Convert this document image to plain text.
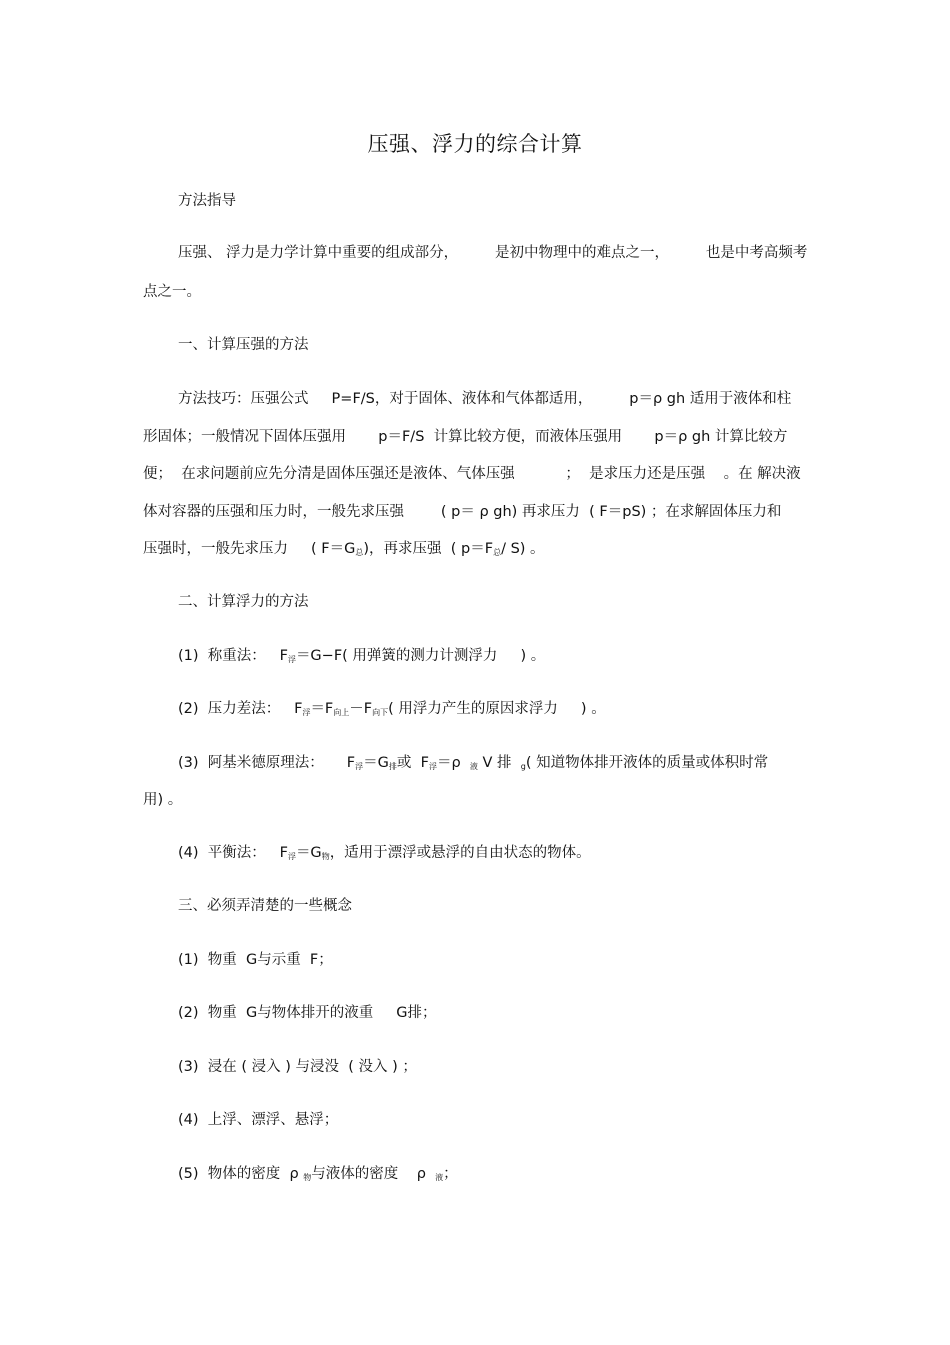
压强、浮力的综合计算
方法指导
压强、 浮力是力学计算中重要的组成部分，        是初中物理中的难点之一，        也是中考高频考
点之一。
一、计算压强的方法
方法技巧：压强公式     P=F/S，对于固体、液体和气体都适用，        p＝ρ gh 适用于液体和柱
形固体；一般情况下固体压强用       p＝F/S  计算比较方便，而液体压强用       p＝ρ gh 计算比较方
便；  在求问题前应先分清是固体压强还是液体、气体压强           ；  是求压力还是压强    。在 解决液
体对容器的压强和压力时，一般先求压强        ( p＝ ρ gh) 再求压力  ( F＝pS) ；在求解固体压力和
压强时，一般先求压力     ( $F=G_总$)，再求压强  ( $p=F_总/$ S) 。
二、计算浮力的方法
(1)  称重法：   $F_浮=G-F$( 用弹簧的测力计测浮力     ) 。
(2)  压力差法：   $F_浮=F_{向上}-F_{向下}$( 用浮力产生的原因求浮力     ) 。
(3)  阿基米德原理法：     $F_浮=G_排$或  $F_浮=\rho$  $_液$ V 排  $_g$( 知道物体排开液体的质量或体积时常
用) 。
(4)  平衡法：   $F_浮=G_物$，适用于漂浮或悬浮的自由状态的物体。
三、必须弄清楚的一些概念
(1)  物重  G与示重  F；
(2)  物重  G与物体排开的液重     G排；
(3)  浸在 ( 浸入 ) 与浸没  ( 没入 ) ；
(4)  上浮、漂浮、悬浮；
(5)  物体的密度  ρ $_物$与液体的密度    ρ  $_液$；
